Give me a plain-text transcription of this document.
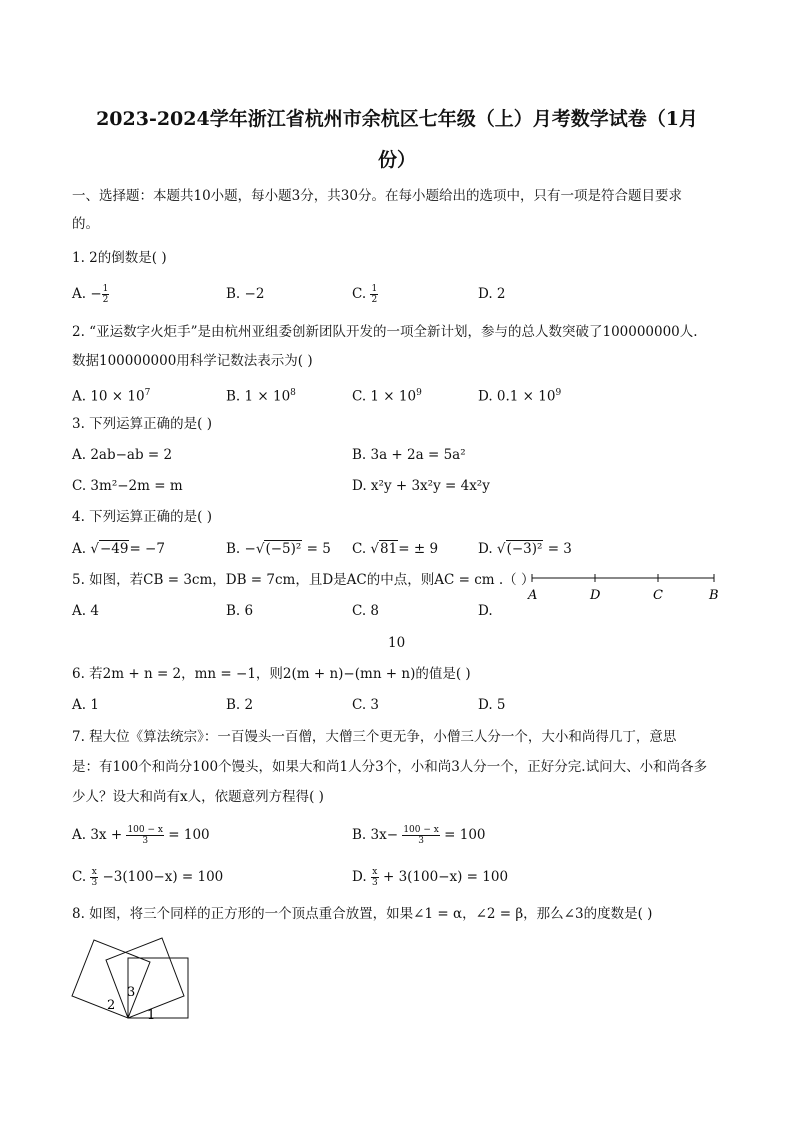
2023-2024学年浙江省杭州市余杭区七年级（上）月考数学试卷（1月
份）
一、选择题：本题共10小题，每小题3分，共30分。在每小题给出的选项中，只有一项是符合题目要求
的。
1. 2的倒数是( )
A. − $\frac{1}{2}$	B. −2	C. $\frac{1}{2}$	D. 2
2. “亚运数字火炬手”是由杭州亚组委创新团队开发的一项全新计划，参与的总人数突破了100000000人.
数据100000000用科学记数法表示为( )
A. $10 \times 10^7$	B. $1 \times 10^8$	C. $1 \times 10^9$	D. $0.1 \times 10^9$
3. 下列运算正确的是( )
A. 2ab−ab = 2	B. 3a + 2a = 5a²
C. 3m²−2m = m	D. x²y + 3x²y = 4x²y
4. 下列运算正确的是( )
A. √−49= −7	B. −√(−5)² = 5 C. √81= ± 9	D. √(−3)² = 3
5. 如图，若CB = 3cm，DB = 7cm，且D是AC的中点，则AC = cm .（ ）
A	D	C	B
A. 4	B. 6	C. 8	D.
10
6. 若2m + n = 2，mn = −1，则2(m + n)−(mn + n)的值是( )
A. 1	B. 2	C. 3	D. 5
7. 程大位《算法统宗》：一百馒头一百僧，大僧三个更无争，小僧三人分一个，大小和尚得几丁，意思
是：有100个和尚分100个馒头，如果大和尚1人分3个，小和尚3人分一个，正好分完.试问大、小和尚各多
少人？设大和尚有x人，依题意列方程得( )
A. $3x + \frac{100 - x}{3} = 100$	B. $3x- \frac{100 - x}{3} = 100$
C. $\frac{x}{3} -3(100-x) = 100$	D. $\frac{x}{3} + 3(100-x) = 100$
8. 如图，将三个同样的正方形的一个顶点重合放置，如果∠1 = α，∠2 = β，那么∠3的度数是( )
2
3
1
